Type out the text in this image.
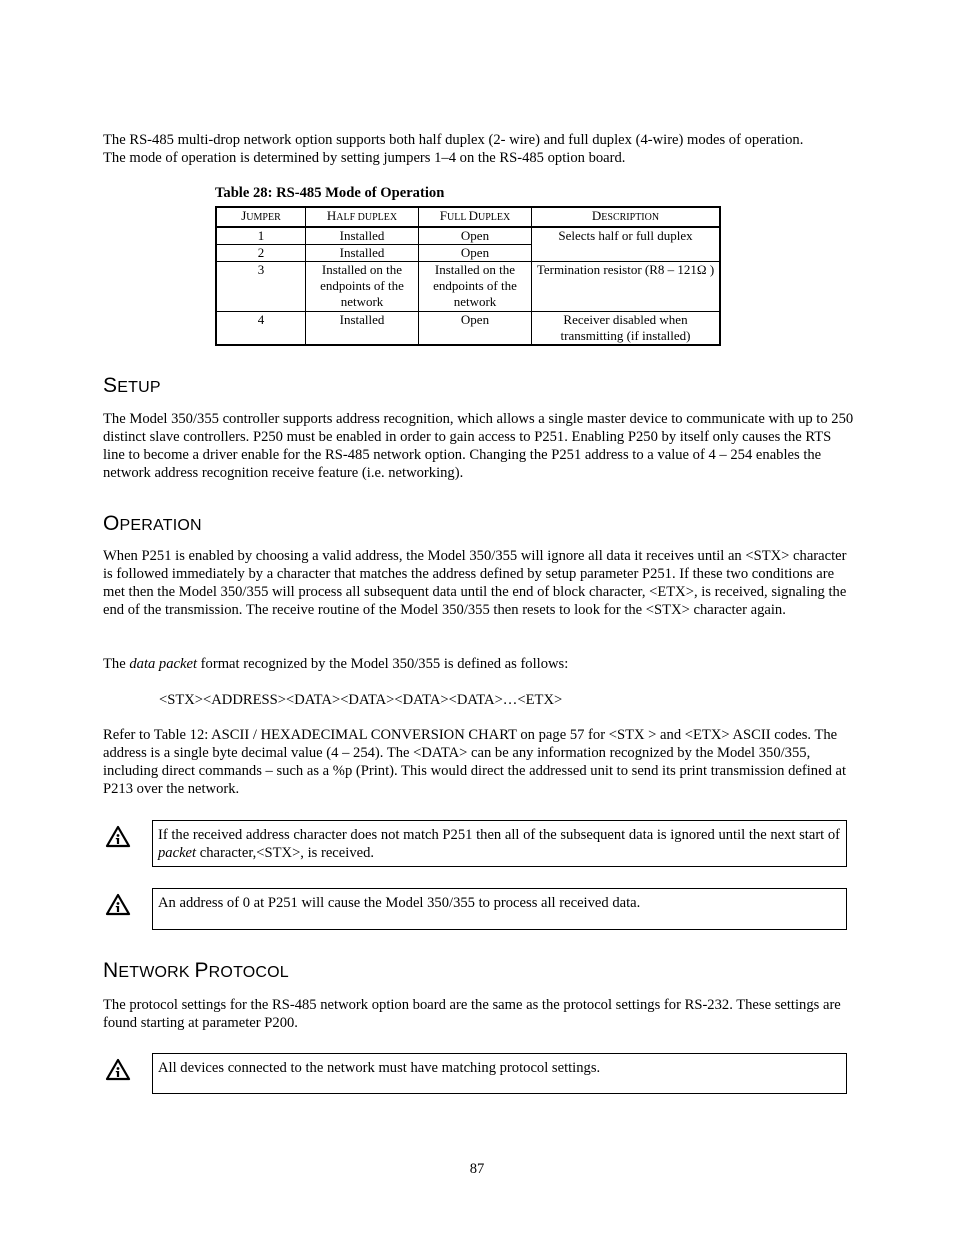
The RS-485 multi-drop network option supports both half duplex (2- wire) and full duplex (4-wire) modes of operation.
The mode of operation is determined by setting jumpers 1–4 on the RS-485 option board.

Table 28: RS-485 Mode of Operation

JUMPER	HALF DUPLEX	FULL DUPLEX	DESCRIPTION
1	Installed	Open	Selects half or full duplex
2	Installed	Open	
3	Installed on the endpoints of the network	Installed on the endpoints of the network	Termination resistor (R8 – 121Ω )
4	Installed	Open	Receiver disabled when transmitting (if installed)
SETUP

The Model 350/355 controller supports address recognition, which allows a single master device to communicate with up to 250 distinct slave controllers. P250 must be enabled in order to gain access to P251. Enabling P250 by itself only causes the RTS line to become a driver enable for the RS-485 network option. Changing the P251 address to a value of 4 – 254 enables the network address recognition receive feature (i.e. networking).

OPERATION

When P251 is enabled by choosing a valid address, the Model 350/355 will ignore all data it receives until an <STX> character is followed immediately by a character that matches the address defined by setup parameter P251. If these two conditions are met then the Model 350/355 will process all subsequent data until the end of block character, <ETX>, is received, signaling the end of the transmission. The receive routine of the Model 350/355 then resets to look for the <STX> character again.

The data packet format recognized by the Model 350/355 is defined as follows:

<STX><ADDRESS><DATA><DATA><DATA><DATA>…<ETX>

Refer to Table 12: ASCII / HEXADECIMAL CONVERSION CHART on page 57 for <STX > and <ETX> ASCII codes. The address is a single byte decimal value (4 – 254). The <DATA> can be any information recognized by the Model 350/355, including direct commands – such as a %p (Print). This would direct the addressed unit to send its print transmission defined at P213 over the network.

If the received address character does not match P251 then all of the subsequent data is ignored until the next start of packet character,<STX>, is received.
An address of 0 at P251 will cause the Model 350/355 to process all received data.
NETWORK PROTOCOL

The protocol settings for the RS-485 network option board are the same as the protocol settings for RS-232. These settings are found starting at parameter P200.

All devices connected to the network must have matching protocol settings.

87
